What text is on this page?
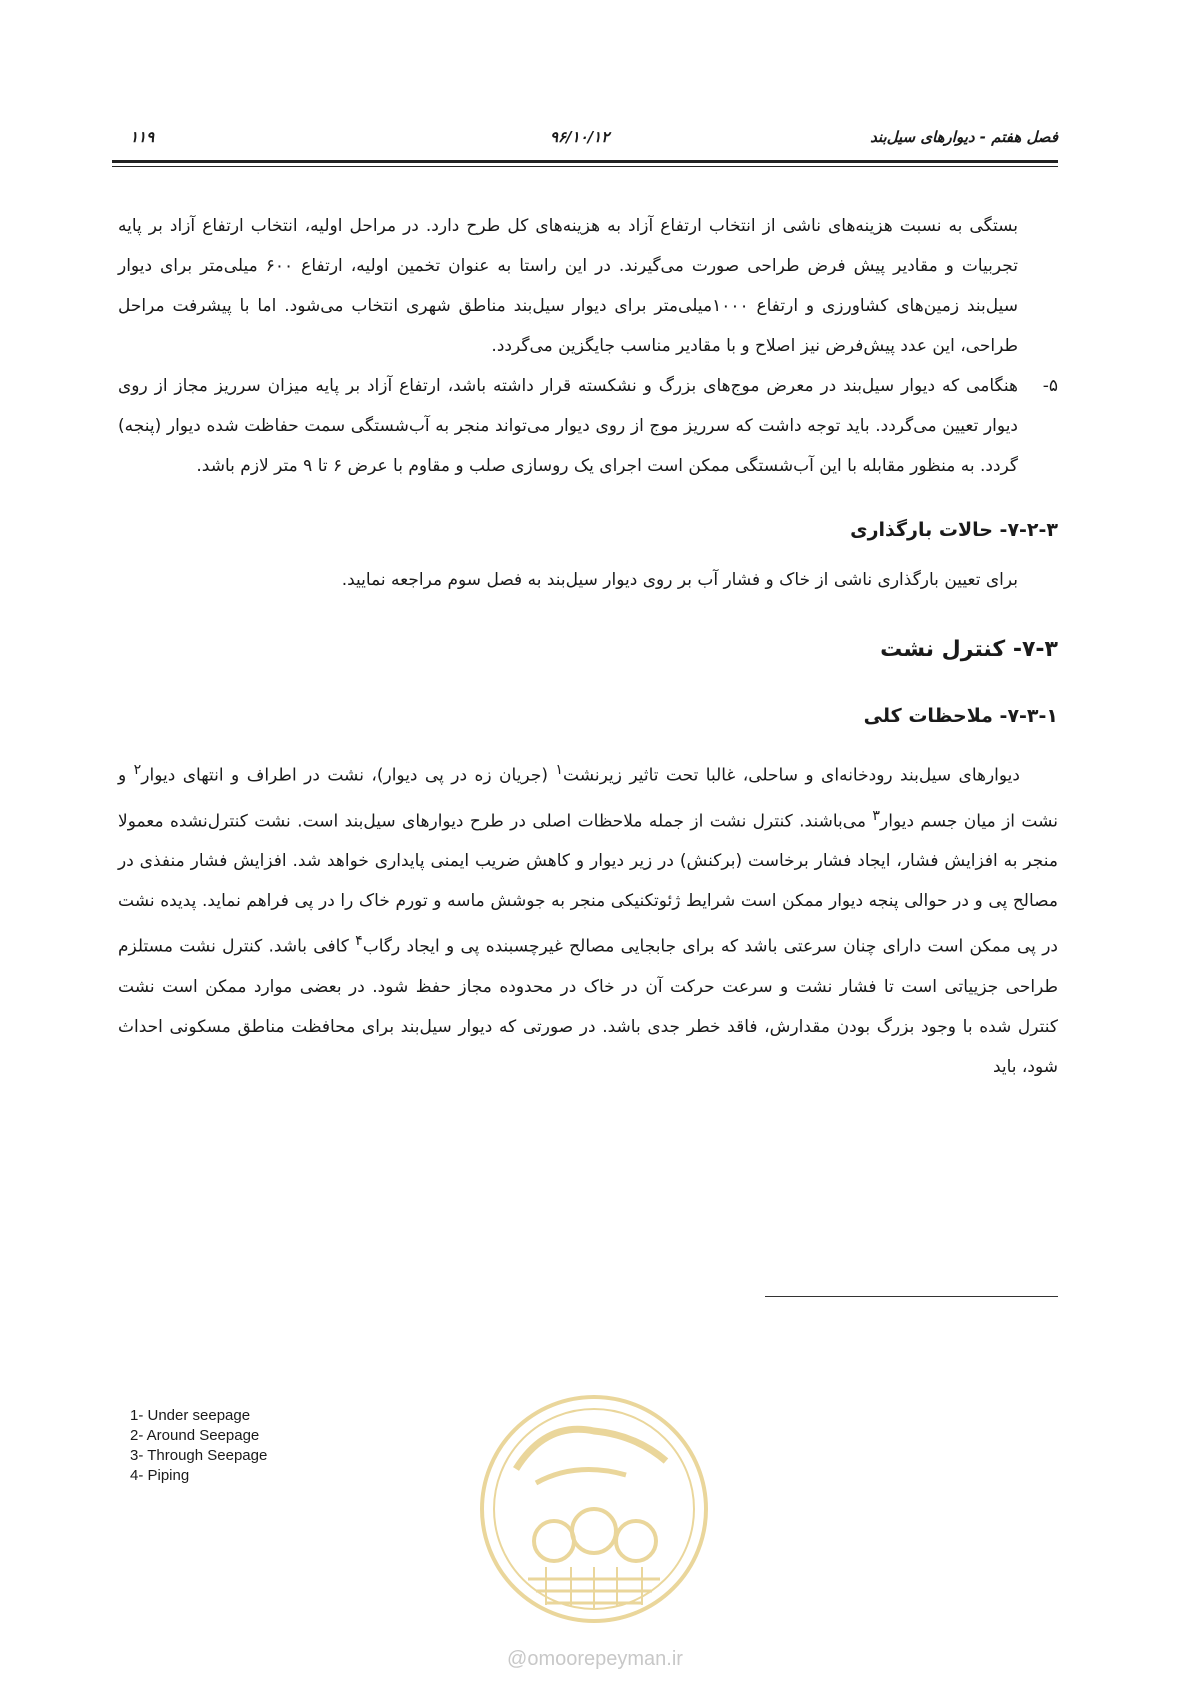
فصل هفتم - دیوارهای سیل‌بند
۹۶/۱۰/۱۲
۱۱۹

بستگی به نسبت هزینه‌های ناشی از انتخاب ارتفاع آزاد به هزینه‌های کل طرح دارد. در مراحل اولیه، انتخاب ارتفاع آزاد بر پایه تجربیات و مقادیر پیش فرض طراحی صورت می‌گیرند. در این راستا به عنوان تخمین اولیه، ارتفاع ۶۰۰ میلی‌متر برای دیوار سیل‌بند زمین‌های کشاورزی و ارتفاع ۱۰۰۰میلی‌متر برای دیوار سیل‌بند مناطق شهری انتخاب می‌شود. اما با پیشرفت مراحل طراحی، این عدد پیش‌فرض نیز اصلاح و با مقادیر مناسب جایگزین می‌گردد.

۵-

هنگامی که دیوار سیل‌بند در معرض موج‌های بزرگ و نشکسته قرار داشته باشد، ارتفاع آزاد بر پایه میزان سرریز مجاز از روی دیوار تعیین می‌گردد. باید توجه داشت که سرریز موج از روی دیوار می‌تواند منجر به آب‌شستگی سمت حفاظت شده دیوار (پنجه) گردد. به منظور مقابله با این آب‌شستگی ممکن است اجرای یک روسازی صلب و مقاوم با عرض ۶ تا ۹ متر لازم باشد.

۷-۲-۳- حالات بارگذاری

برای تعیین بارگذاری ناشی از خاک و فشار آب بر روی دیوار سیل‌بند به فصل سوم مراجعه نمایید.

۷-۳- کنترل نشت
۷-۳-۱- ملاحظات کلی

دیوارهای سیل‌بند رودخانه‌ای و ساحلی، غالبا تحت تاثیر زیرنشت$^۱$ (جریان زه در پی دیوار)، نشت در اطراف و انتهای دیوار$^۲$ و نشت از میان جسم دیوار$^۳$ می‌باشند. کنترل نشت از جمله ملاحظات اصلی در طرح دیوارهای سیل‌بند است. نشت کنترل‌نشده معمولا منجر به افزایش فشار، ایجاد فشار برخاست (برکنش) در زیر دیوار و کاهش ضریب ایمنی پایداری خواهد شد. افزایش فشار منفذی در مصالح پی و در حوالی پنجه دیوار ممکن است شرایط ژئوتکنیکی منجر به جوشش ماسه و تورم خاک را در پی فراهم نماید. پدیده نشت در پی ممکن است دارای چنان سرعتی باشد که برای جابجایی مصالح غیرچسبنده پی و ایجاد رگاب$^۴$ کافی باشد. کنترل نشت مستلزم طراحی جزییاتی است تا فشار نشت و سرعت حرکت آن در خاک در محدوده مجاز حفظ شود. در بعضی موارد ممکن است نشت کنترل شده با وجود بزرگ بودن مقدارش، فاقد خطر جدی باشد. در صورتی که دیوار سیل‌بند برای محافظت مناطق مسکونی احداث شود، باید

1- Under seepage
2- Around Seepage
3- Through Seepage
4- Piping
@omoorepeyman.ir
